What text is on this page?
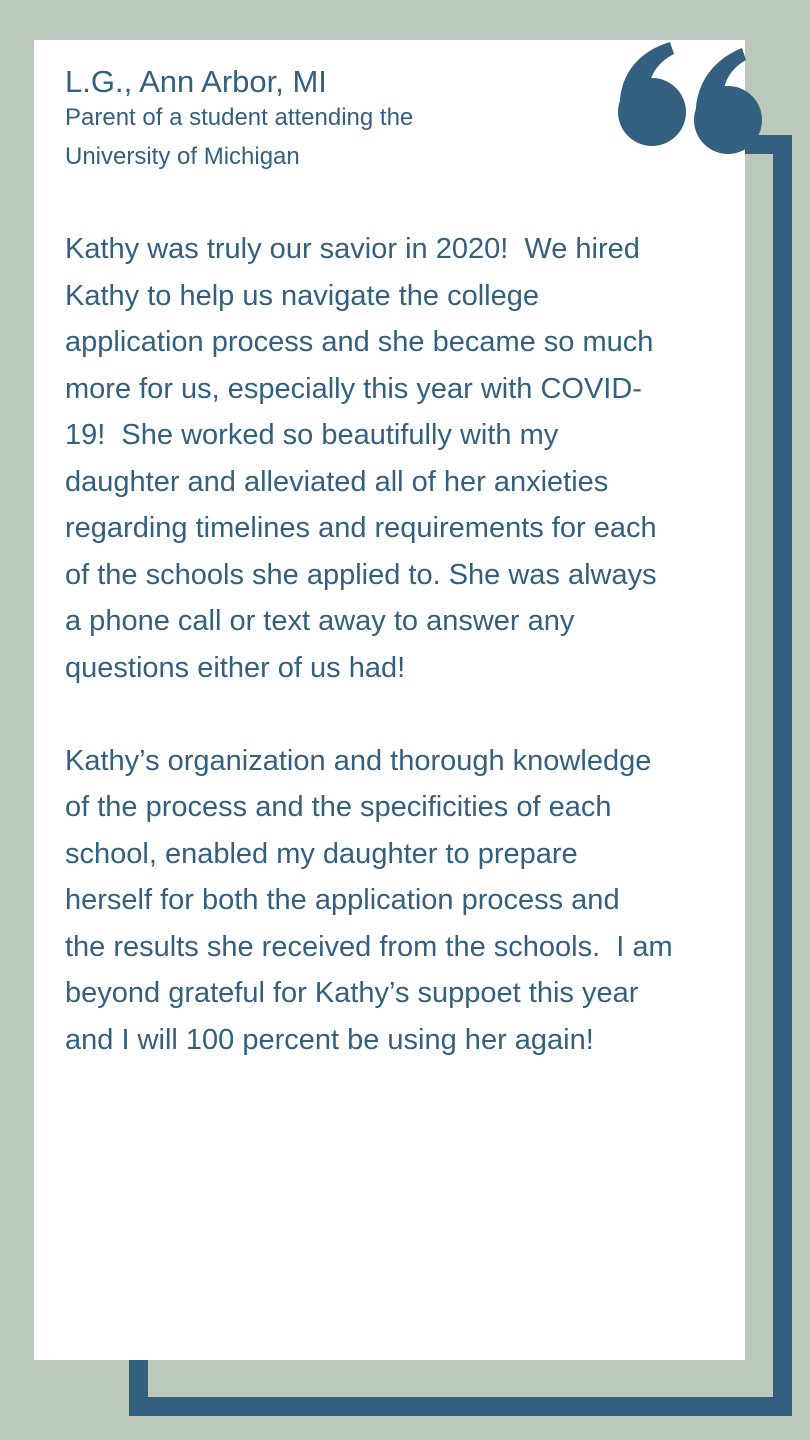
L.G., Ann Arbor, MI

Parent of a student attending the
University of Michigan

Kathy was truly our savior in 2020!  We hired
Kathy to help us navigate the college
application process and she became so much
more for us, especially this year with COVID-
19!  She worked so beautifully with my
daughter and alleviated all of her anxieties
regarding timelines and requirements for each
of the schools she applied to. She was always
a phone call or text away to answer any
questions either of us had!
Kathy’s organization and thorough knowledge
of the process and the specificities of each
school, enabled my daughter to prepare
herself for both the application process and
the results she received from the schools.  I am
beyond grateful for Kathy’s suppoet this year
and I will 100 percent be using her again!
